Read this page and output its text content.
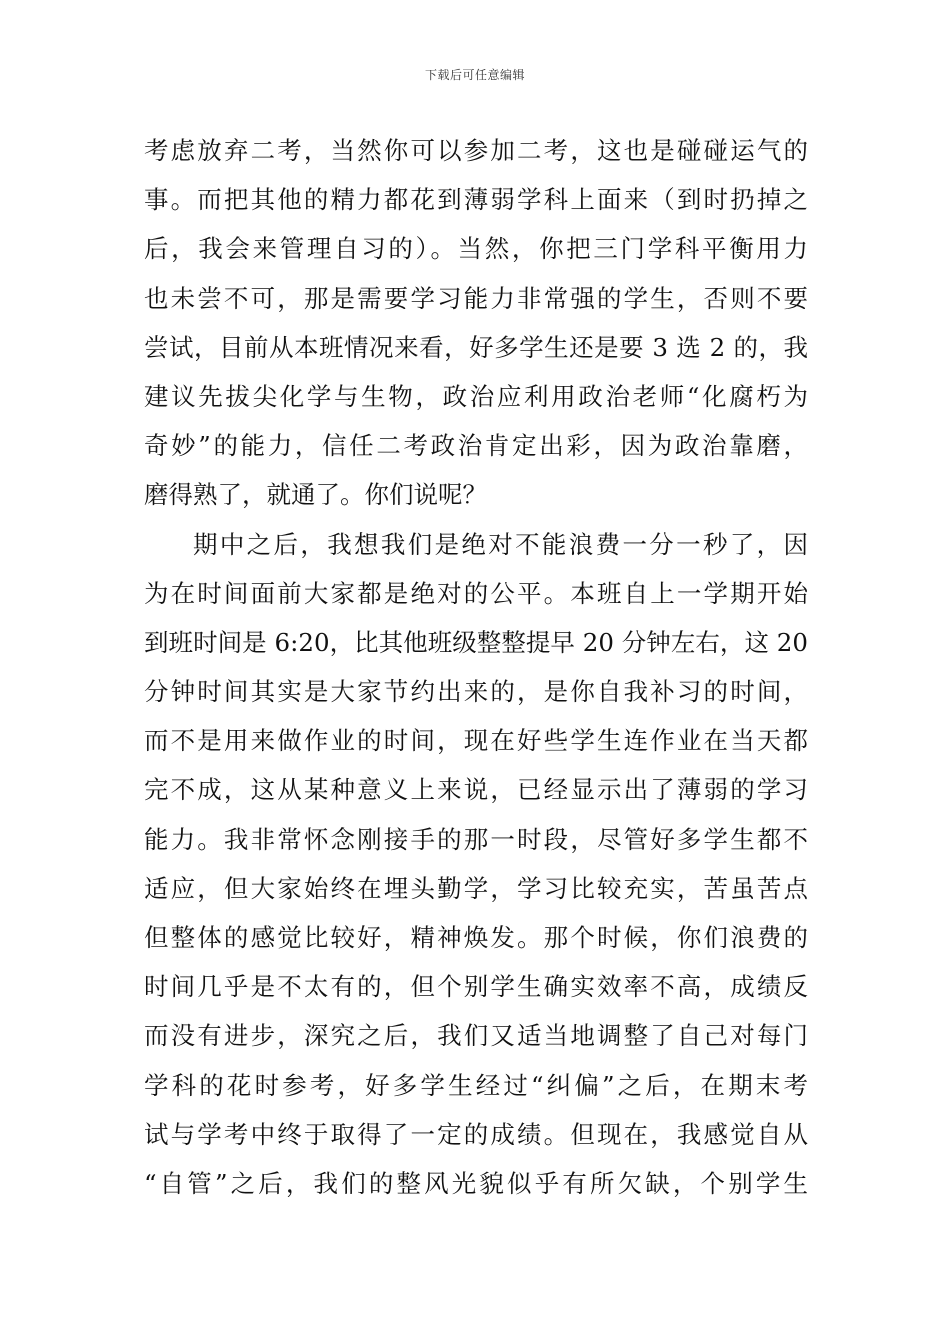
下载后可任意编辑
考虑放弃二考，当然你可以参加二考，这也是碰碰运气的
事。而把其他的精力都花到薄弱学科上面来（到时扔掉之
后，我会来管理自习的）。当然，你把三门学科平衡用力
也未尝不可，那是需要学习能力非常强的学生，否则不要
尝试，目前从本班情况来看，好多学生还是要 3 选 2 的，我
建议先拔尖化学与生物，政治应利用政治老师“化腐朽为
奇妙”的能力，信任二考政治肯定出彩，因为政治靠磨，
磨得熟了，就通了。你们说呢？
期中之后，我想我们是绝对不能浪费一分一秒了，因
为在时间面前大家都是绝对的公平。本班自上一学期开始
到班时间是 6:20，比其他班级整整提早 20 分钟左右，这 20
分钟时间其实是大家节约出来的，是你自我补习的时间，
而不是用来做作业的时间，现在好些学生连作业在当天都
完不成，这从某种意义上来说，已经显示出了薄弱的学习
能力。我非常怀念刚接手的那一时段，尽管好多学生都不
适应，但大家始终在埋头勤学，学习比较充实，苦虽苦点
但整体的感觉比较好，精神焕发。那个时候，你们浪费的
时间几乎是不太有的，但个别学生确实效率不高，成绩反
而没有进步，深究之后，我们又适当地调整了自己对每门
学科的花时参考，好多学生经过“纠偏”之后，在期末考
试与学考中终于取得了一定的成绩。但现在，我感觉自从
“自管”之后，我们的整风光貌似乎有所欠缺，个别学生
